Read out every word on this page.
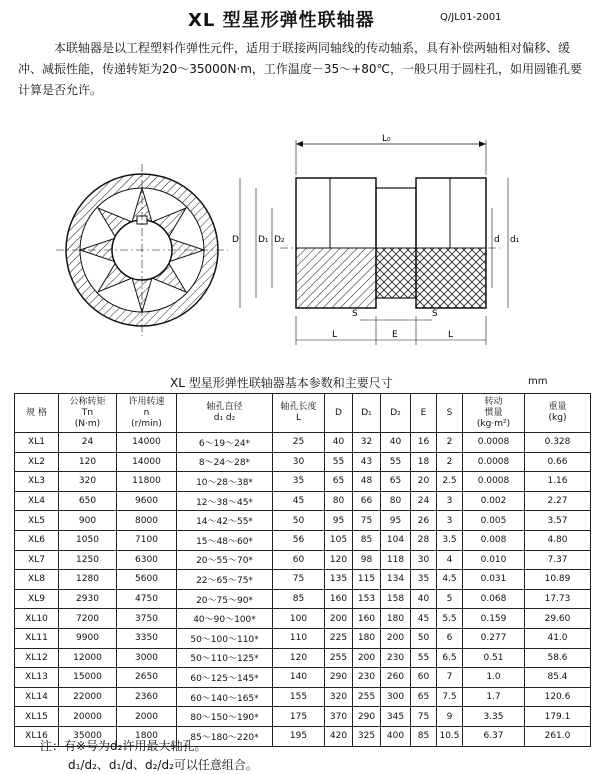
XL 型星形弹性联轴器	Q/JL01-2001
本联轴器是以工程塑料作弹性元件，适用于联接两同轴线的传动轴系，具有补偿两轴相对偏移、缓冲、减振性能，传递转矩为20～35000N·m，工作温度－35～+80℃，一般只用于圆柱孔，如用圆锥孔要计算是否允许。
L₀
D D₁ D₂	d d₁
S	S
L	E	L
XL 型星形弹性联轴器基本参数和主要尺寸	mm
规 格	公称转矩
Tn
(N·m)	许用转速
n
(r/min)	轴孔直径
d₁ d₂	轴孔长度
L	D	D₁	D₂	E	S	转动
惯量
(kg·m²)	重量
(kg)

XL1	24	14000	6～19～24*	25	40	32	40	16	2	0.0008	0.328
XL2	120	14000	8～24～28*	30	55	43	55	18	2	0.0008	0.66
XL3	320	11800	10～28～38*	35	65	48	65	20	2.5	0.0008	1.16
XL4	650	9600	12～38～45*	45	80	66	80	24	3	0.002	2.27
XL5	900	8000	14～42～55*	50	95	75	95	26	3	0.005	3.57
XL6	1050	7100	15～48～60*	56	105	85	104	28	3.5	0.008	4.80
XL7	1250	6300	20～55～70*	60	120	98	118	30	4	0.010	7.37
XL8	1280	5600	22～65～75*	75	135	115	134	35	4.5	0.031	10.89
XL9	2930	4750	20～75～90*	85	160	153	158	40	5	0.068	17.73
XL10	7200	3750	40～90～100*	100	200	160	180	45	5.5	0.159	29.60
XL11	9900	3350	50～100～110*	110	225	180	200	50	6	0.277	41.0
XL12	12000	3000	50～110～125*	120	255	200	230	55	6.5	0.51	58.6
XL13	15000	2650	60～125～145*	140	290	230	260	60	7	1.0	85.4
XL14	22000	2360	60～140～165*	155	320	255	300	65	7.5	1.7	120.6
XL15	20000	2000	80～150～190*	175	370	290	345	75	9	3.35	179.1
XL16	35000	1800	85～180～220*	195	420	325	400	85	10.5	6.37	261.0
注：有※号为d₂许用最大轴孔。
d₁/d₂、d₁/d、d₂/d₂可以任意组合。
